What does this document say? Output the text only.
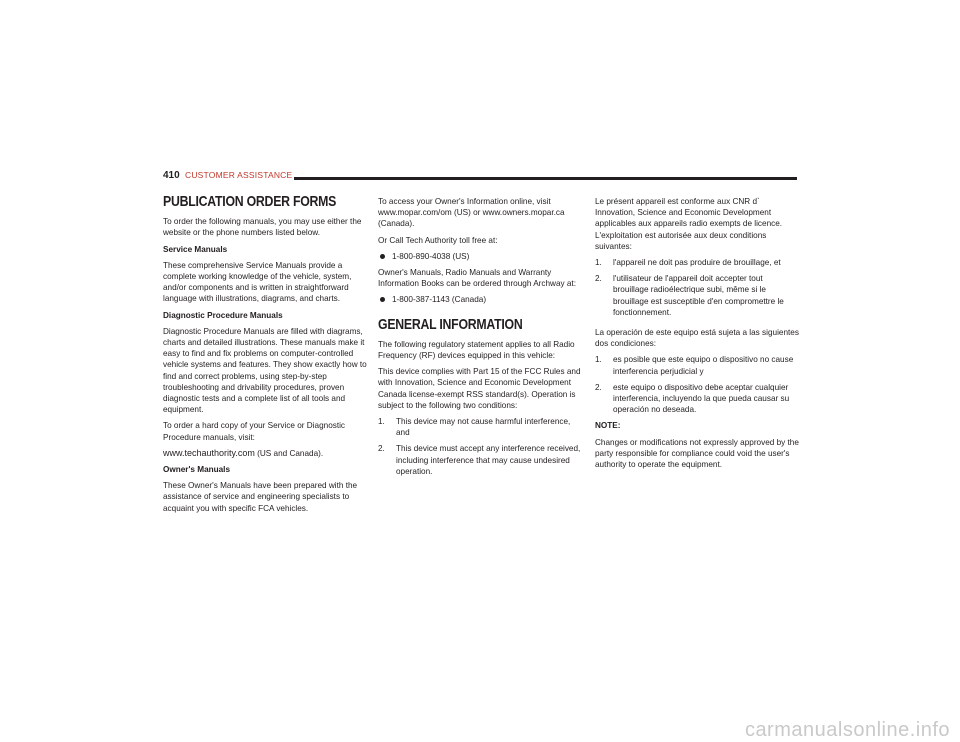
410 CUSTOMER ASSISTANCE
PUBLICATION ORDER FORMS

To order the following manuals, you may use either the website or the phone numbers listed below.

Service Manuals

These comprehensive Service Manuals provide a complete working knowledge of the vehicle, system, and/or components and is written in straightforward language with illustrations, diagrams, and charts.

Diagnostic Procedure Manuals

Diagnostic Procedure Manuals are filled with diagrams, charts and detailed illustrations. These manuals make it easy to find and fix problems on computer-controlled vehicle systems and features. They show exactly how to find and correct problems, using step-by-step troubleshooting and drivability procedures, proven diagnostic tests and a complete list of all tools and equipment.

To order a hard copy of your Service or Diagnostic Procedure manuals, visit:

www.techauthority.com (US and Canada).

Owner's Manuals

These Owner's Manuals have been prepared with the assistance of service and engineering specialists to acquaint you with specific FCA vehicles.

To access your Owner's Information online, visit www.mopar.com/om (US) or www.owners.mopar.ca (Canada).

Or Call Tech Authority toll free at:

1-800-890-4038 (US)

Owner's Manuals, Radio Manuals and Warranty Information Books can be ordered through Archway at:

1-800-387-1143 (Canada)

GENERAL INFORMATION

The following regulatory statement applies to all Radio Frequency (RF) devices equipped in this vehicle:

This device complies with Part 15 of the FCC Rules and with Innovation, Science and Economic Development Canada license-exempt RSS standard(s). Operation is subject to the following two conditions:

1. This device may not cause harmful interference, and
2. This device must accept any interference received, including interference that may cause undesired operation.

Le présent appareil est conforme aux CNR d` Innovation, Science and Economic Development applicables aux appareils radio exempts de licence. L'exploitation est autorisée aux deux conditions suivantes:

1. l'appareil ne doit pas produire de brouillage, et
2. l'utilisateur de l'appareil doit accepter tout brouillage radioélectrique subi, même si le brouillage est susceptible d'en compromettre le fonctionnement.

La operación de este equipo está sujeta a las siguientes dos condiciones:

1. es posible que este equipo o dispositivo no cause interferencia perjudicial y
2. este equipo o dispositivo debe aceptar cualquier interferencia, incluyendo la que pueda causar su operación no deseada.

NOTE:

Changes or modifications not expressly approved by the party responsible for compliance could void the user's authority to operate the equipment.

carmanualsonline.info
